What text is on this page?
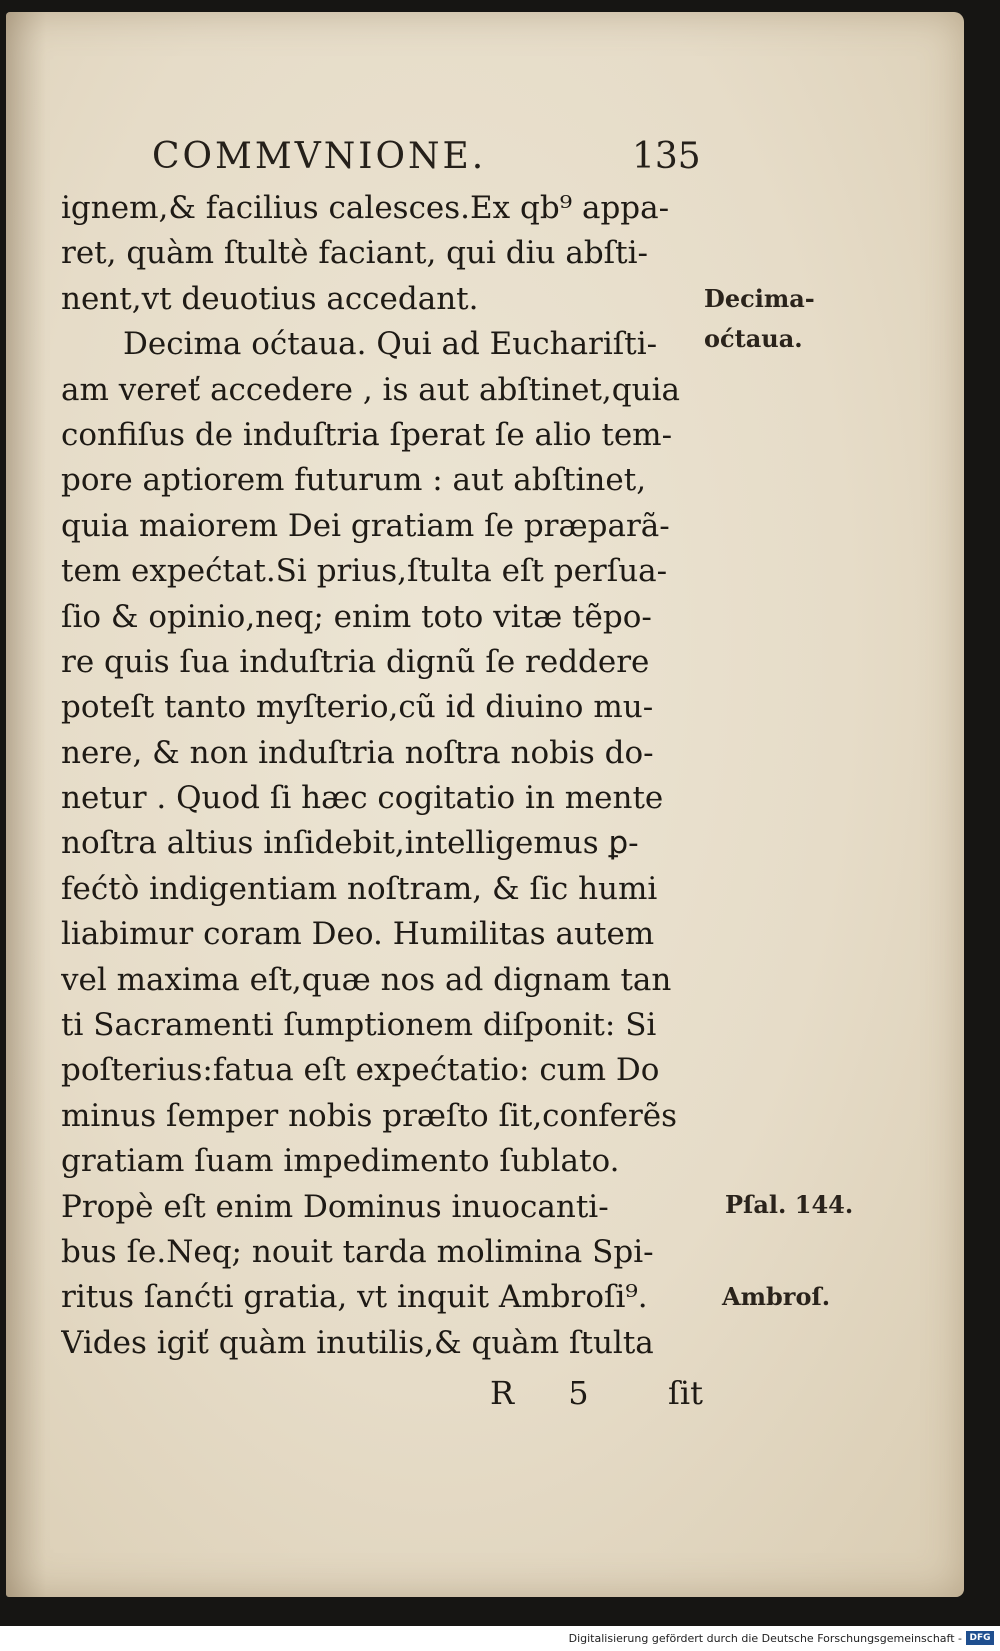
COMMVNIONE.	135

ignem,& facilius calesces.Ex qb⁹ appa-
ret, quàm ſtultè faciant, qui diu abſti-
nent,vt deuotius accedant.
Decima oćtaua. Qui ad Euchariſti-
am vereť accedere , is aut abſtinet,quia
confiſus de induſtria ſperat ſe alio tem-
pore aptiorem futurum : aut abſtinet,
quia maiorem Dei gratiam ſe præparã-
tem expećtat.Si prius,ſtulta eſt perſua-
ſio & opinio,neq; enim toto vitæ tẽpo-
re quis ſua induſtria dignũ ſe reddere
poteſt tanto myſterio,cũ id diuino mu-
nere, & non induſtria noſtra nobis do-
netur . Quod ſi hæc cogitatio in mente
noſtra altius inſidebit,intelligemus ꝑ-
fećtò indigentiam noſtram, & ſic humi
liabimur coram Deo. Humilitas autem
vel maxima eſt,quæ nos ad dignam tan
ti Sacramenti ſumptionem diſponit: Si
poſterius:fatua eſt expećtatio: cum Do
minus ſemper nobis præſto ſit,conferẽs
gratiam ſuam impedimento ſublato.
Propè eſt enim Dominus inuocanti-
bus ſe.Neq; nouit tarda molimina Spi-
ritus ſanćti gratia, vt inquit Ambroſi⁹.
Vides igiť quàm inutilis,& quàm ſtulta

Decima-

oćtaua.

Pſal. 144.

Ambroſ.

R 5 ſit

Digitalisierung gefördert durch die Deutsche Forschungsgemeinschaft - DFG
